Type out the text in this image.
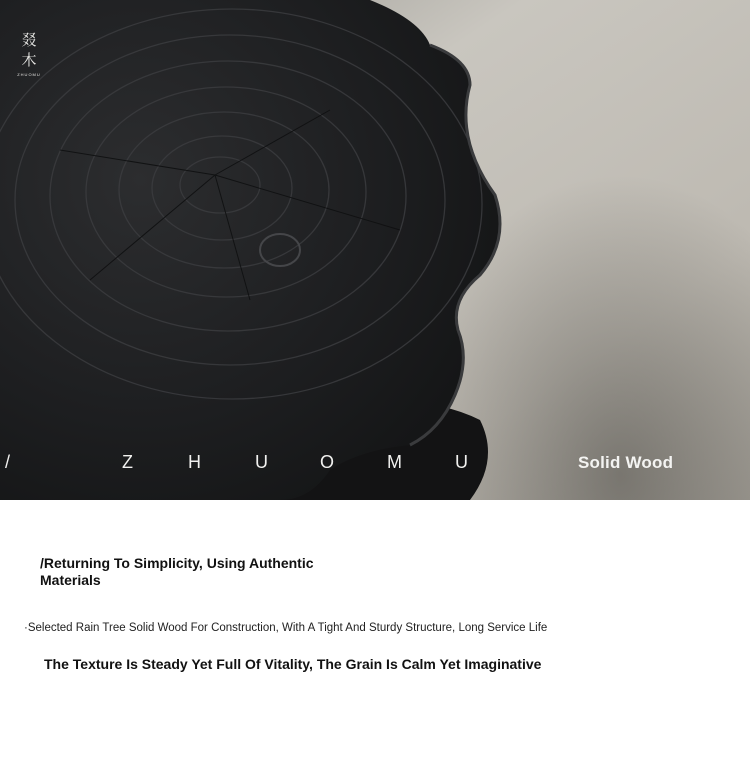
叕
木
ZHUOMU
/	Z	H	U	O	M	U	Solid Wood
/Returning To Simplicity, Using Authentic Materials
·Selected Rain Tree Solid Wood For Construction, With A Tight And Sturdy Structure, Long Service Life
The Texture Is Steady Yet Full Of Vitality, The Grain Is Calm Yet Imaginative
